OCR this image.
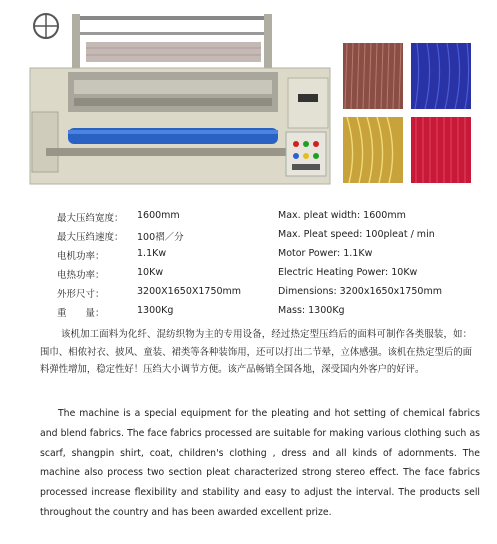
最大压绉宽度： 1600mm	Max. pleat width: 1600mm
最大压绉速度： 100褶／分	Max. Pleat speed: 100pleat / min
电机功率：	1.1Kw	Motor Power: 1.1Kw
电热功率：	10Kw	Electric Heating Power: 10Kw
外形尺寸：	3200X1650X1750mm	Dimensions: 3200x1650x1750mm
重　　量：	1300Kg	Mass: 1300Kg
该机加工面料为化纤、混纺织物为主的专用设备，经过热定型压绉后的面料可制作各类服装，如：围巾、相侬衬衣、披风、童装、裙类等各种装饰用，还可以打出二节晕，立体感强。该机在热定型后的面料弹性增加，稳定性好！压绉大小调节方便。该产品畅销全国各地，深受国内外客户的好评。
The machine is a special equipment for the pleating and hot setting of chemical fabrics and blend fabrics. The face fabrics processed are suitable for making various clothing such as scarf, shangpin shirt, coat, children's clothing , dress and all kinds of adornments. The machine also process two section pleat characterized strong stereo effect. The face fabrics processed increase flexibility and stability and easy to adjust the interval. The products sell throughout the country and has been awarded excellent prize.
